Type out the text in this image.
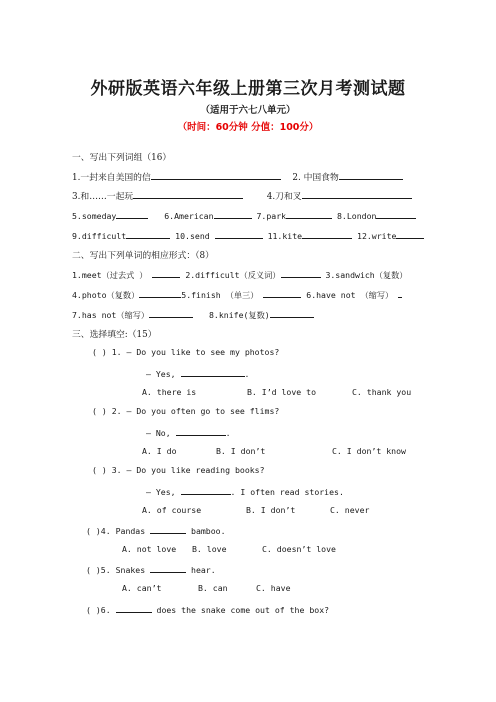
外研版英语六年级上册第三次月考测试题
（适用于六七八单元）
（时间：60分钟 分值：100分）
一、写出下列词组（16）
1.一封来自美国的信	2. 中国食物
3.和……一起玩	4.刀和叉
5.someday	6.American	7.park	8.London
9.difficult	10.send	11.kite	12.write
二、写出下列单词的相应形式：（8）
1.meet（过去式 ）	2.difficult（反义词）	3.sandwich（复数）
4.photo（复数）	5.finish （单三）	6.have not （缩写）
7.has not（缩写）	8.knife(复数)
三、选择填空:（15）
( ) 1. — Do you like to see my photos?
— Yes,	.
A. there is	B. I’d love to	C. thank you
( ) 2. — Do you often go to see flims?
— No,	.
A. I do	B. I don’t	C. I don’t know
( ) 3. — Do you like reading books?
— Yes,	. I often read stories.
A. of course	B. I don’t	C. never
( )4. Pandas	bamboo.
A. not love B. love	C. doesn’t love
( )5. Snakes	hear.
A. can’t	B. can	C. have
( )6.	does the snake come out of the box?
